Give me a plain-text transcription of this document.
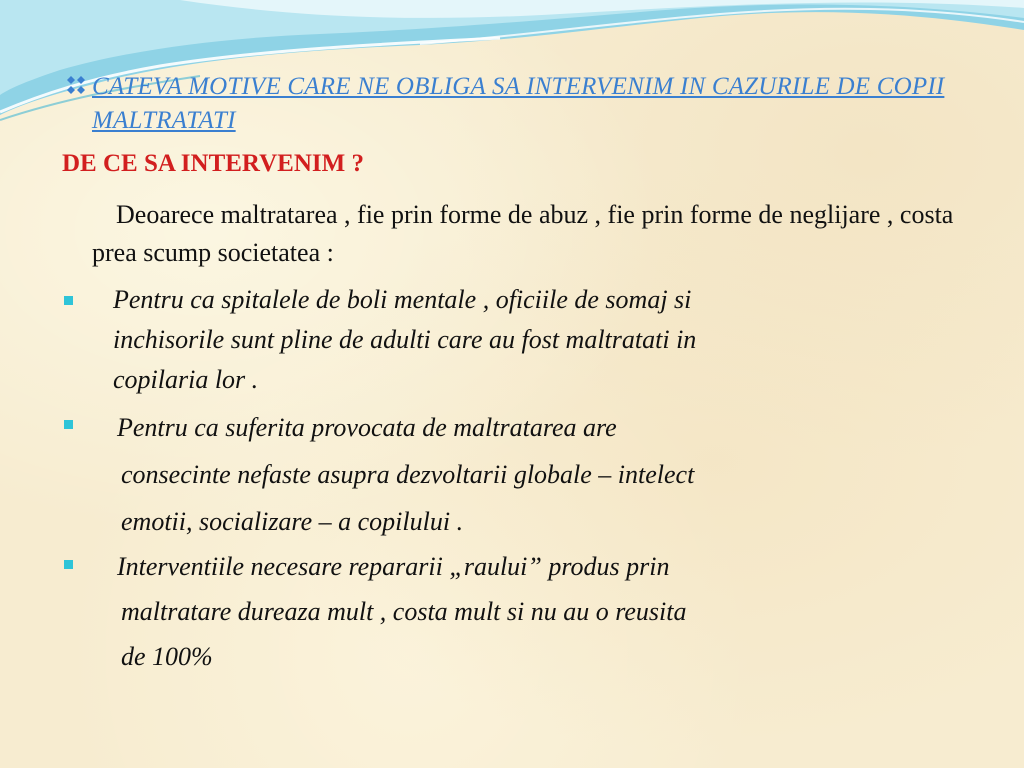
CATEVA MOTIVE CARE NE OBLIGA SA INTERVENIM IN CAZURILE DE COPII MALTRATATI
DE CE SA INTERVENIM ?
Deoarece maltratarea , fie prin forme de abuz , fie prin forme de neglijare , costa prea scump societatea :
Pentru ca spitalele de boli mentale , oficiile de somaj si
inchisorile sunt pline de adulti care au fost maltratati in
copilaria lor .
Pentru ca suferita provocata de maltratarea are
consecinte nefaste asupra dezvoltarii globale – intelect
emotii, socializare – a copilului .
Interventiile necesare repararii „raului” produs prin
maltratare dureaza mult , costa mult si nu au o reusita
de 100%
